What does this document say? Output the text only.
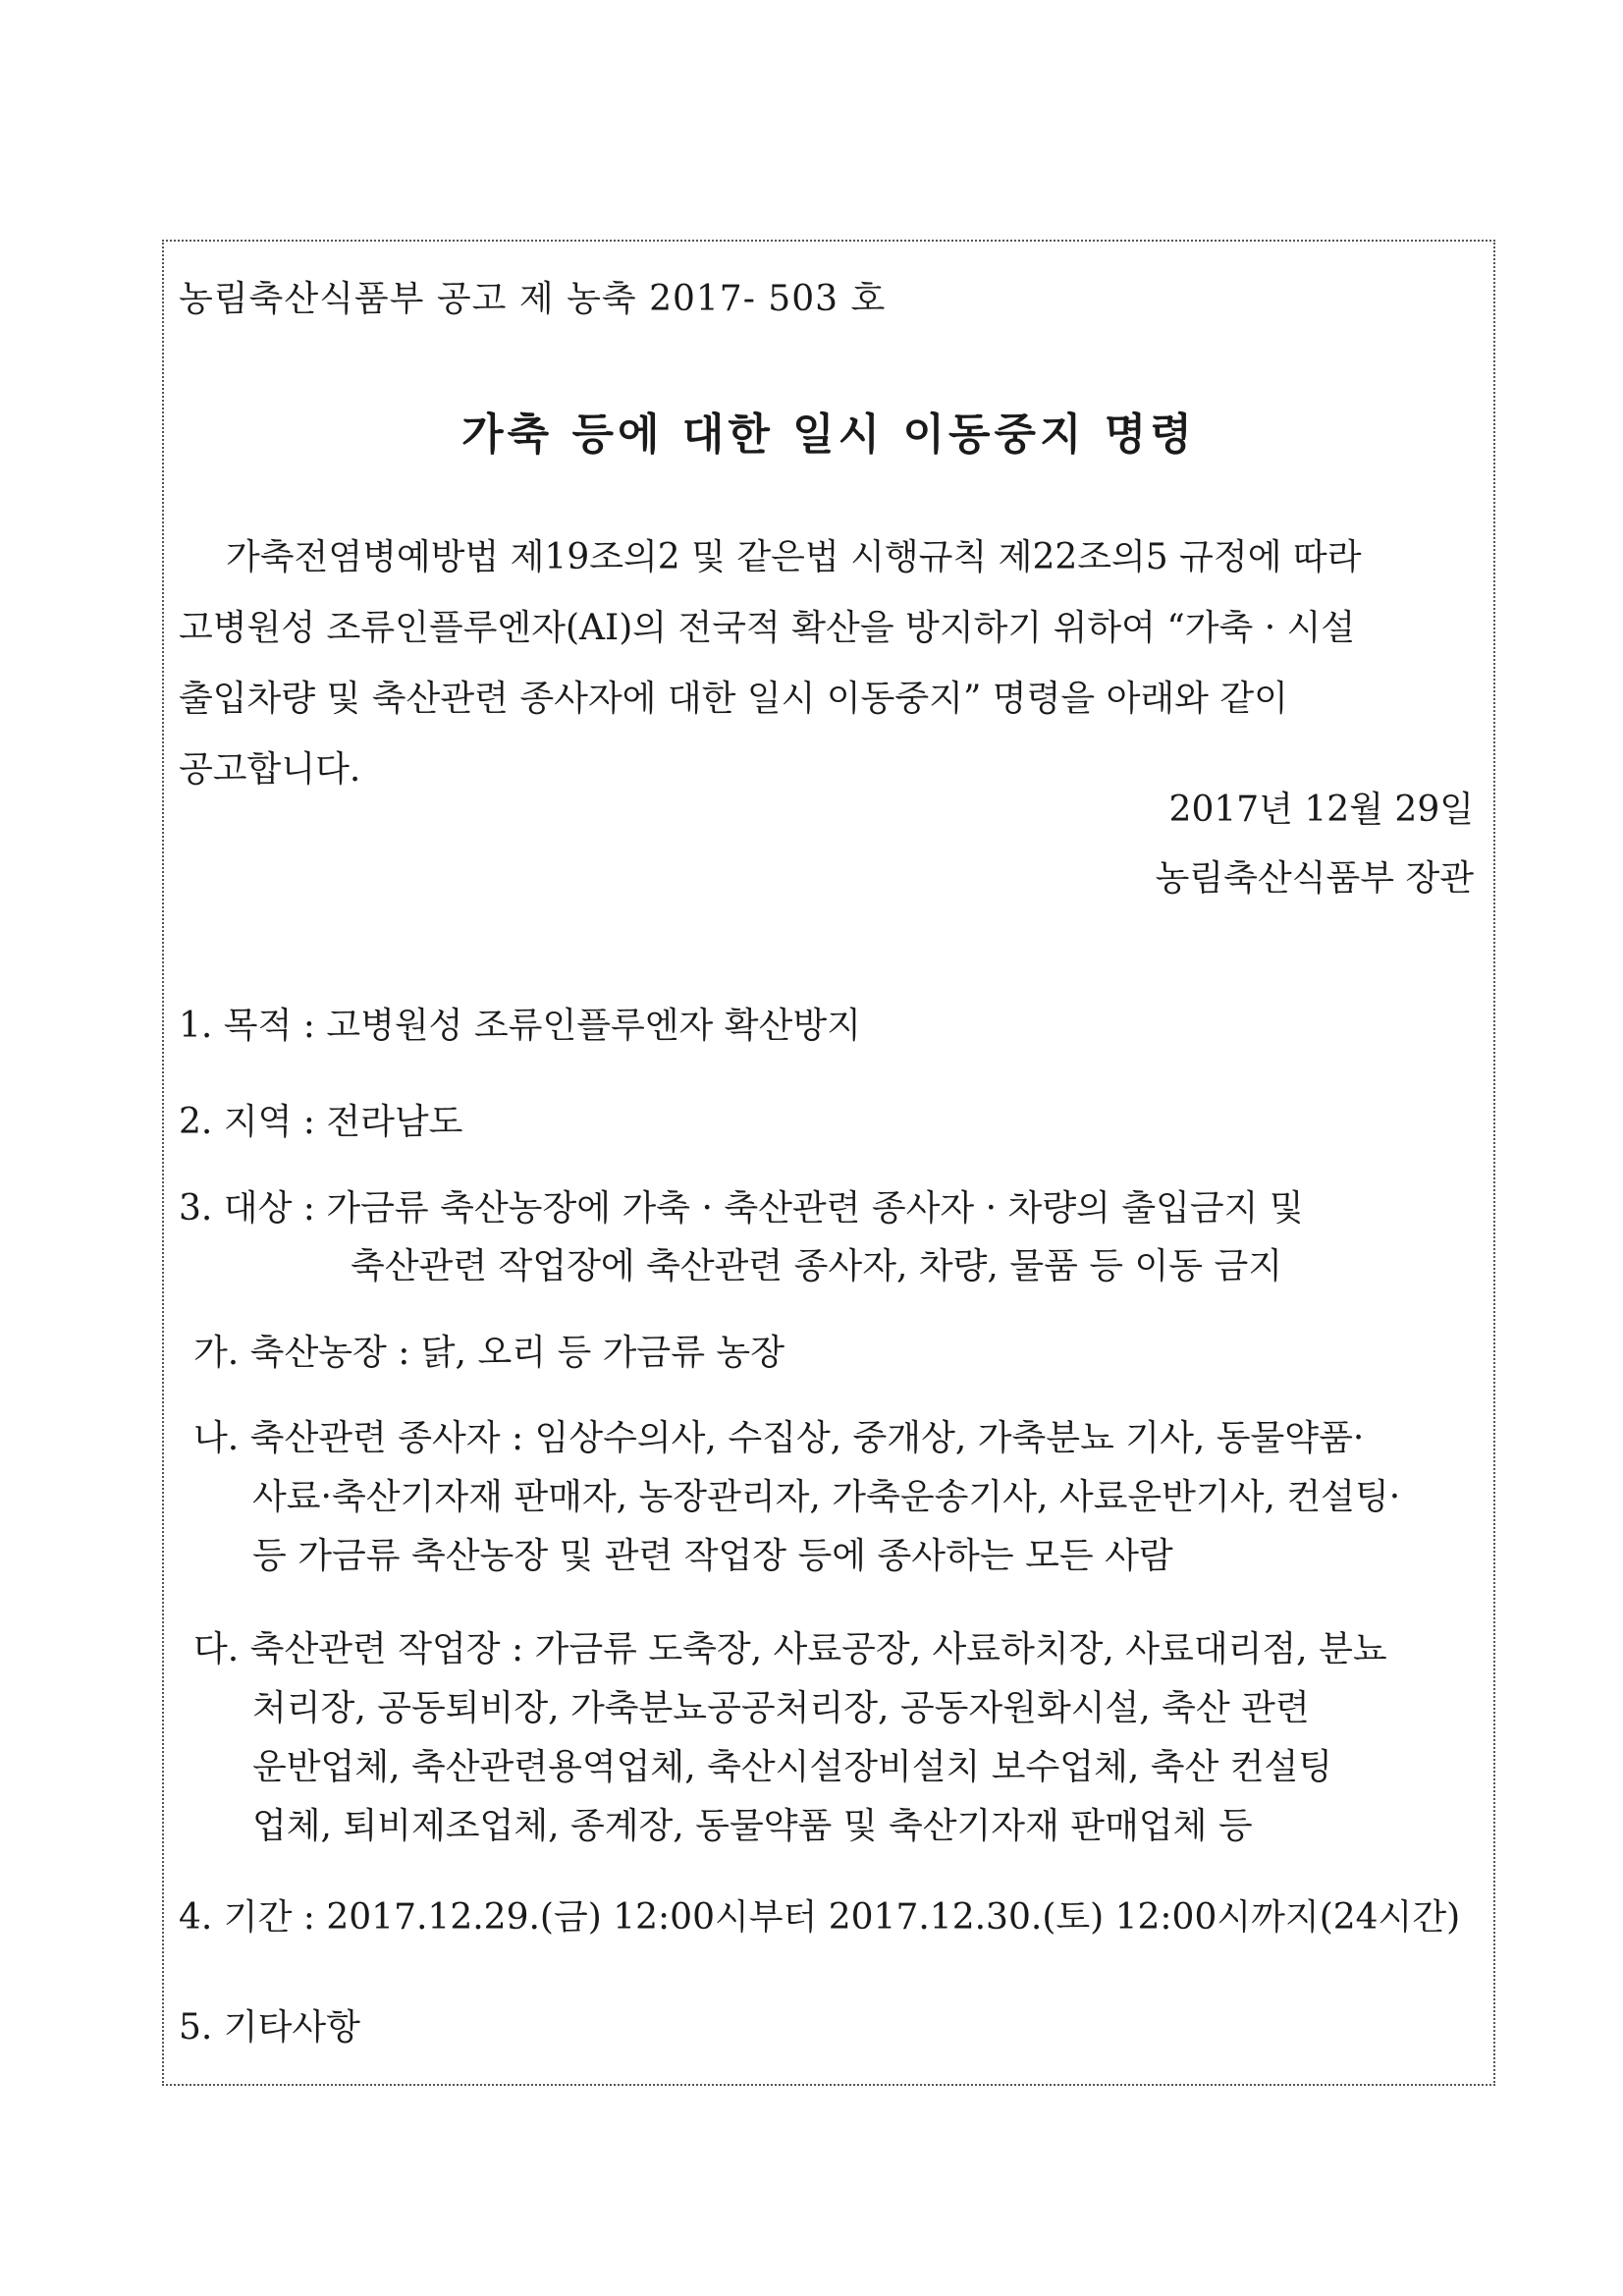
농림축산식품부 공고 제 농축 2017- 503 호
가축 등에 대한 일시 이동중지 명령
가축전염병예방법 제19조의2 및 같은법 시행규칙 제22조의5 규정에 따라
고병원성 조류인플루엔자(AI)의 전국적 확산을 방지하기 위하여 “가축 · 시설
출입차량 및 축산관련 종사자에 대한 일시 이동중지” 명령을 아래와 같이
공고합니다.
2017년 12월 29일
농림축산식품부 장관
1. 목적 : 고병원성 조류인플루엔자 확산방지
2. 지역 : 전라남도
3. 대상 : 가금류 축산농장에 가축 · 축산관련 종사자 · 차량의 출입금지 및
축산관련 작업장에 축산관련 종사자, 차량, 물품 등 이동 금지
가. 축산농장 : 닭, 오리 등 가금류 농장
나. 축산관련 종사자 : 임상수의사, 수집상, 중개상, 가축분뇨 기사, 동물약품·
사료·축산기자재 판매자, 농장관리자, 가축운송기사, 사료운반기사, 컨설팅·
등 가금류 축산농장 및 관련 작업장 등에 종사하는 모든 사람
다. 축산관련 작업장 : 가금류 도축장, 사료공장, 사료하치장, 사료대리점, 분뇨
처리장, 공동퇴비장, 가축분뇨공공처리장, 공동자원화시설, 축산 관련
운반업체, 축산관련용역업체, 축산시설장비설치 보수업체, 축산 컨설팅
업체, 퇴비제조업체, 종계장, 동물약품 및 축산기자재 판매업체 등
4. 기간 : 2017.12.29.(금) 12:00시부터 2017.12.30.(토) 12:00시까지(24시간)
5. 기타사항
